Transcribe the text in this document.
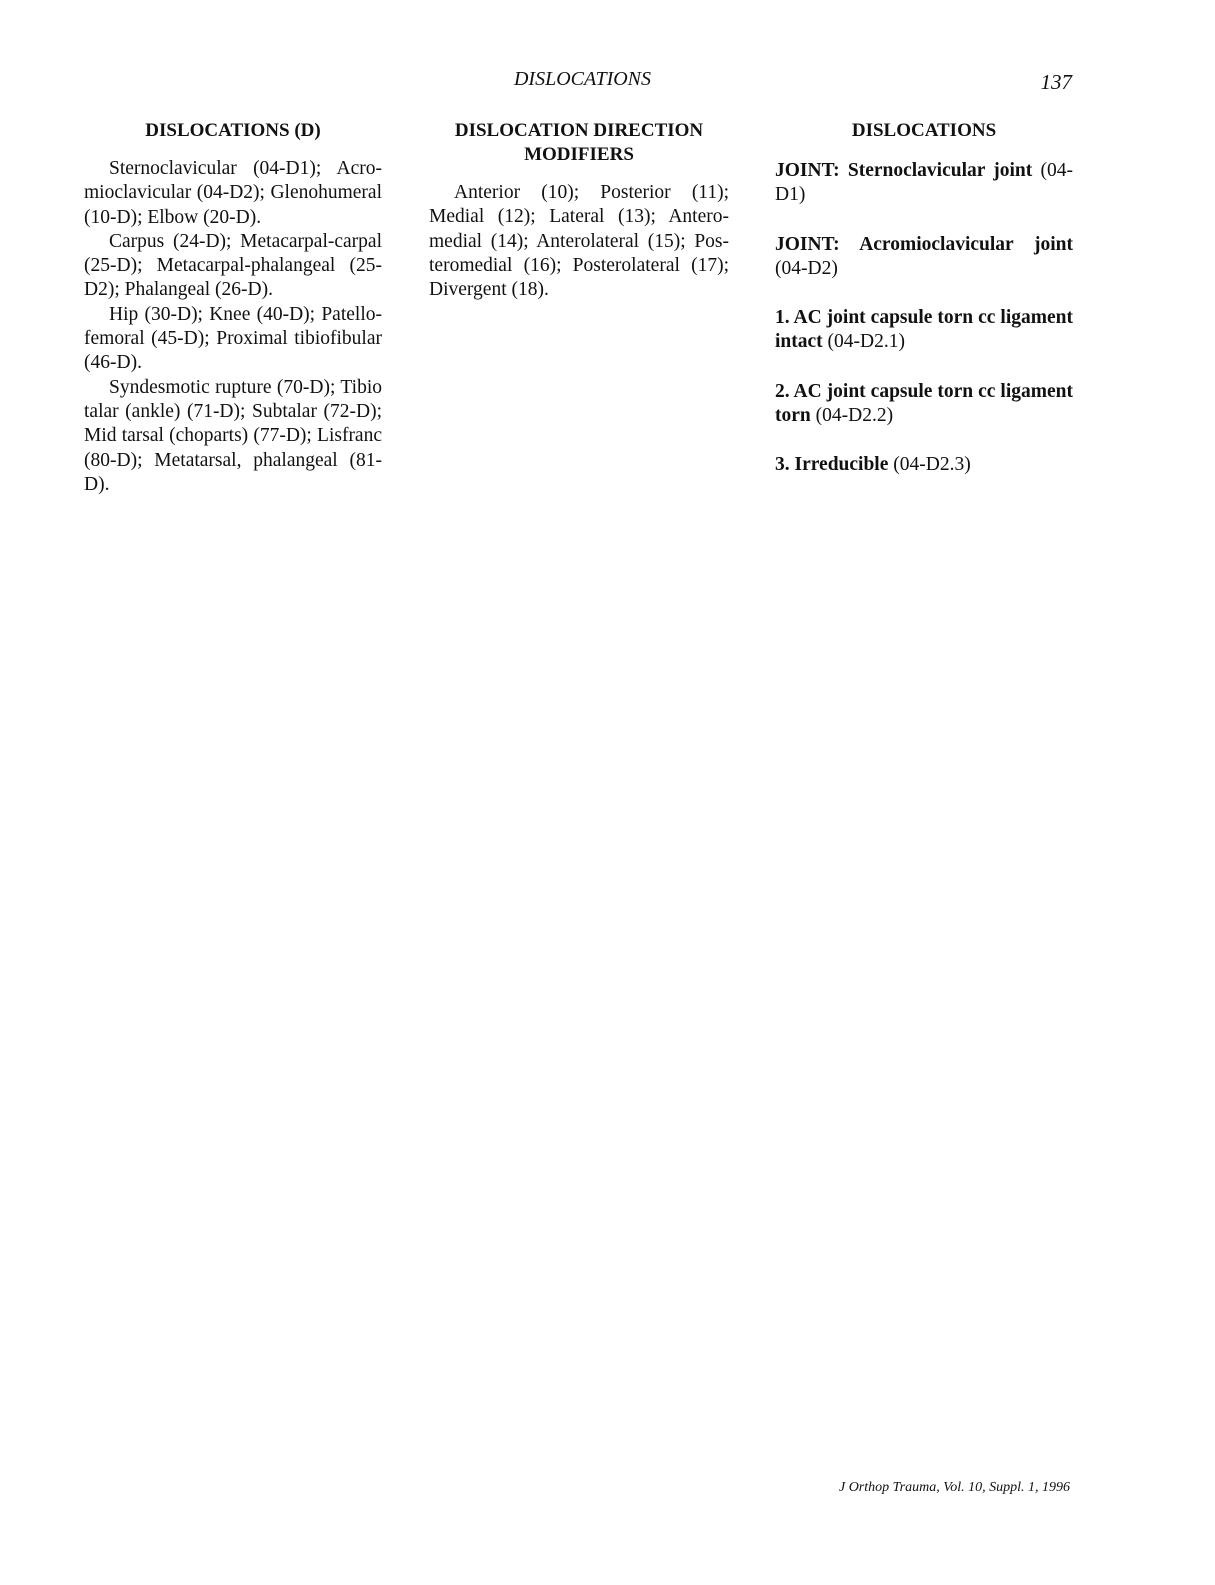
DISLOCATIONS	137
DISLOCATIONS (D)

Sternoclavicular (04-D1); Acromioclavicular (04-D2); Glenohumeral (10-D); Elbow (20-D).

Carpus (24-D); Metacarpal-​carpal (25-D); Metacarpal-phalangeal (25-D2); Phalangeal (26-​D).

Hip (30-D); Knee (40-D); Patello-femoral (45-D); Proximal tibiofibular (46-D).

Syndesmotic rupture (70-D); Tibio talar (ankle) (71-D); Subtalar (72-D); Mid tarsal (choparts) (77-D); Lisfranc (80-D); Metatarsal, phalangeal (81-D).

DISLOCATION DIRECTION MODIFIERS

Anterior (10); Posterior (11); Medial (12); Lateral (13); Anteromedial (14); Anterolateral (15); Posteromedial (16); Posterolateral (17); Divergent (18).

DISLOCATIONS

JOINT: Sternoclavicular joint (04-D1)

JOINT: Acromioclavicular joint (04-D2)

1. AC joint capsule torn cc ligament intact (04-D2.1)

2. AC joint capsule torn cc ligament torn (04-D2.2)

3. Irreducible (04-D2.3)

J Orthop Trauma, Vol. 10, Suppl. 1, 1996
